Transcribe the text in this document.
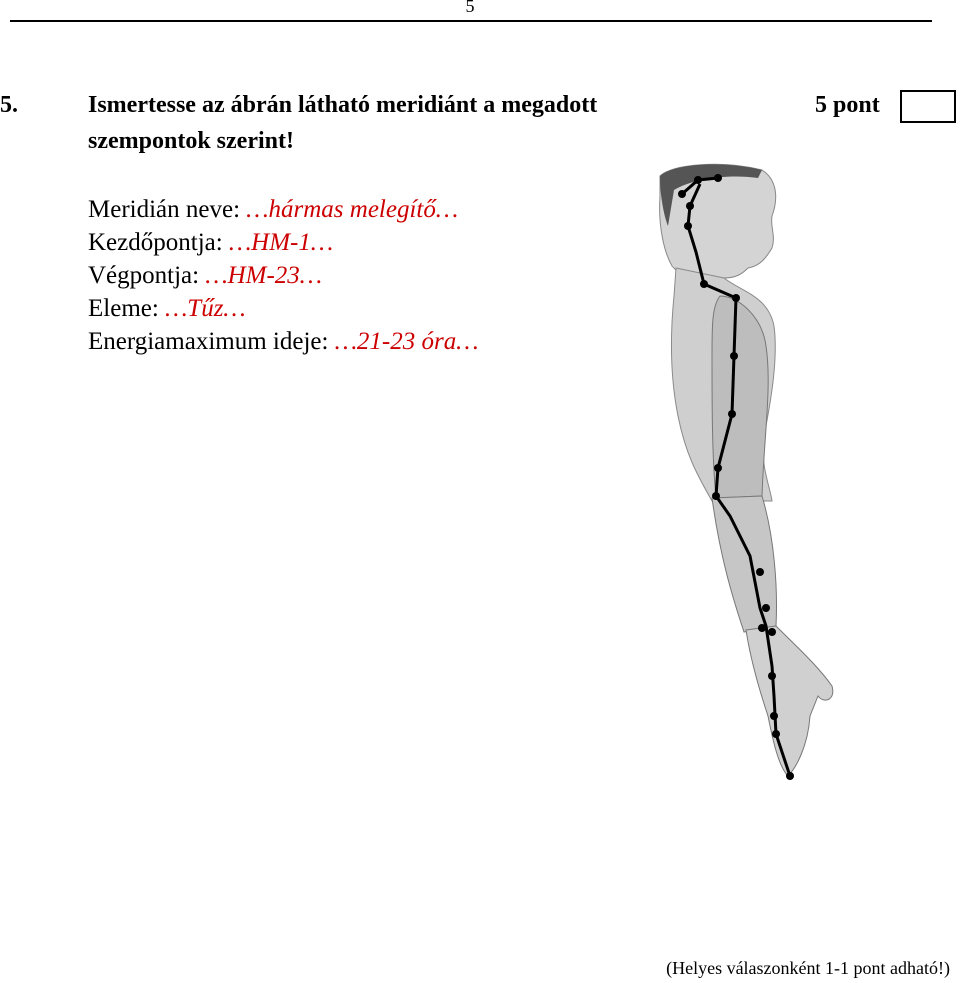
5
5.	Ismertesse az ábrán látható meridiánt a megadott
szempontok szerint!
5 pont
Meridián neve: …hármas melegítő…
Kezdőpontja: …HM-1…
Végpontja: …HM-23…
Eleme: …Tűz…
Energiamaximum ideje: …21-23 óra…
(Helyes válaszonként 1-1 pont adható!)
